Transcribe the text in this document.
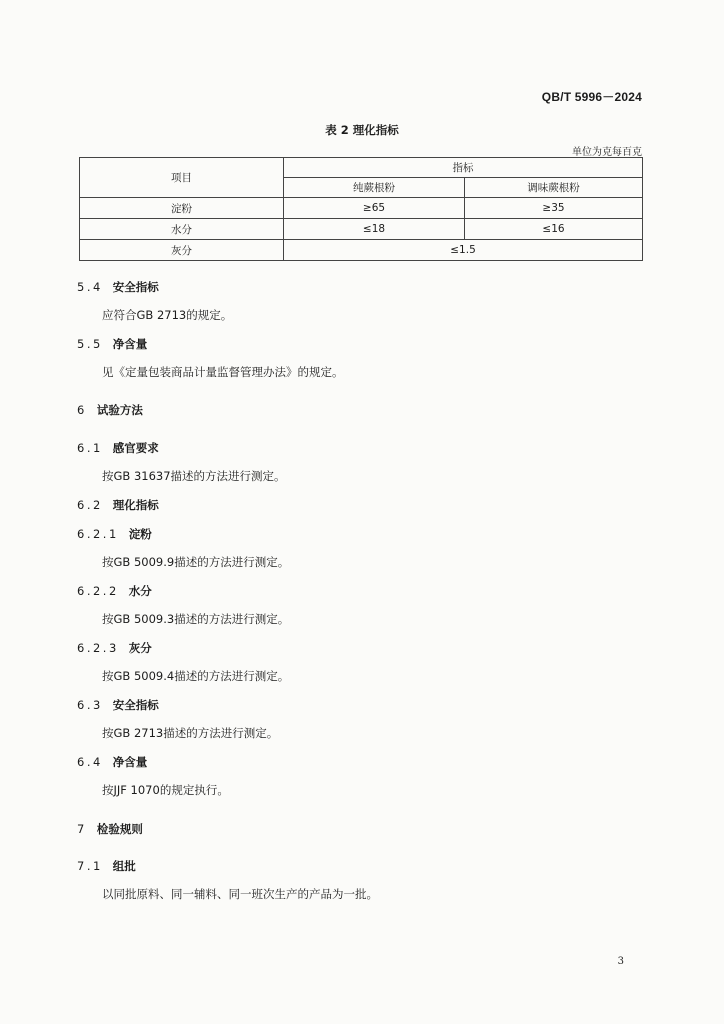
QB/T 5996－2024
表 2 理化指标
单位为克每百克
项目	指标	
	纯蕨根粉	调味蕨根粉
淀粉	≥65	≥35
水分	≤18	≤16
灰分	≤1.5	
5.4 安全指标
应符合GB 2713的规定。
5.5 净含量
见《定量包装商品计量监督管理办法》的规定。
6 试验方法
6.1 感官要求
按GB 31637描述的方法进行测定。
6.2 理化指标
6.2.1 淀粉
按GB 5009.9描述的方法进行测定。
6.2.2 水分
按GB 5009.3描述的方法进行测定。
6.2.3 灰分
按GB 5009.4描述的方法进行测定。
6.3 安全指标
按GB 2713描述的方法进行测定。
6.4 净含量
按JJF 1070的规定执行。
7 检验规则
7.1 组批
以同批原料、同一辅料、同一班次生产的产品为一批。
3
